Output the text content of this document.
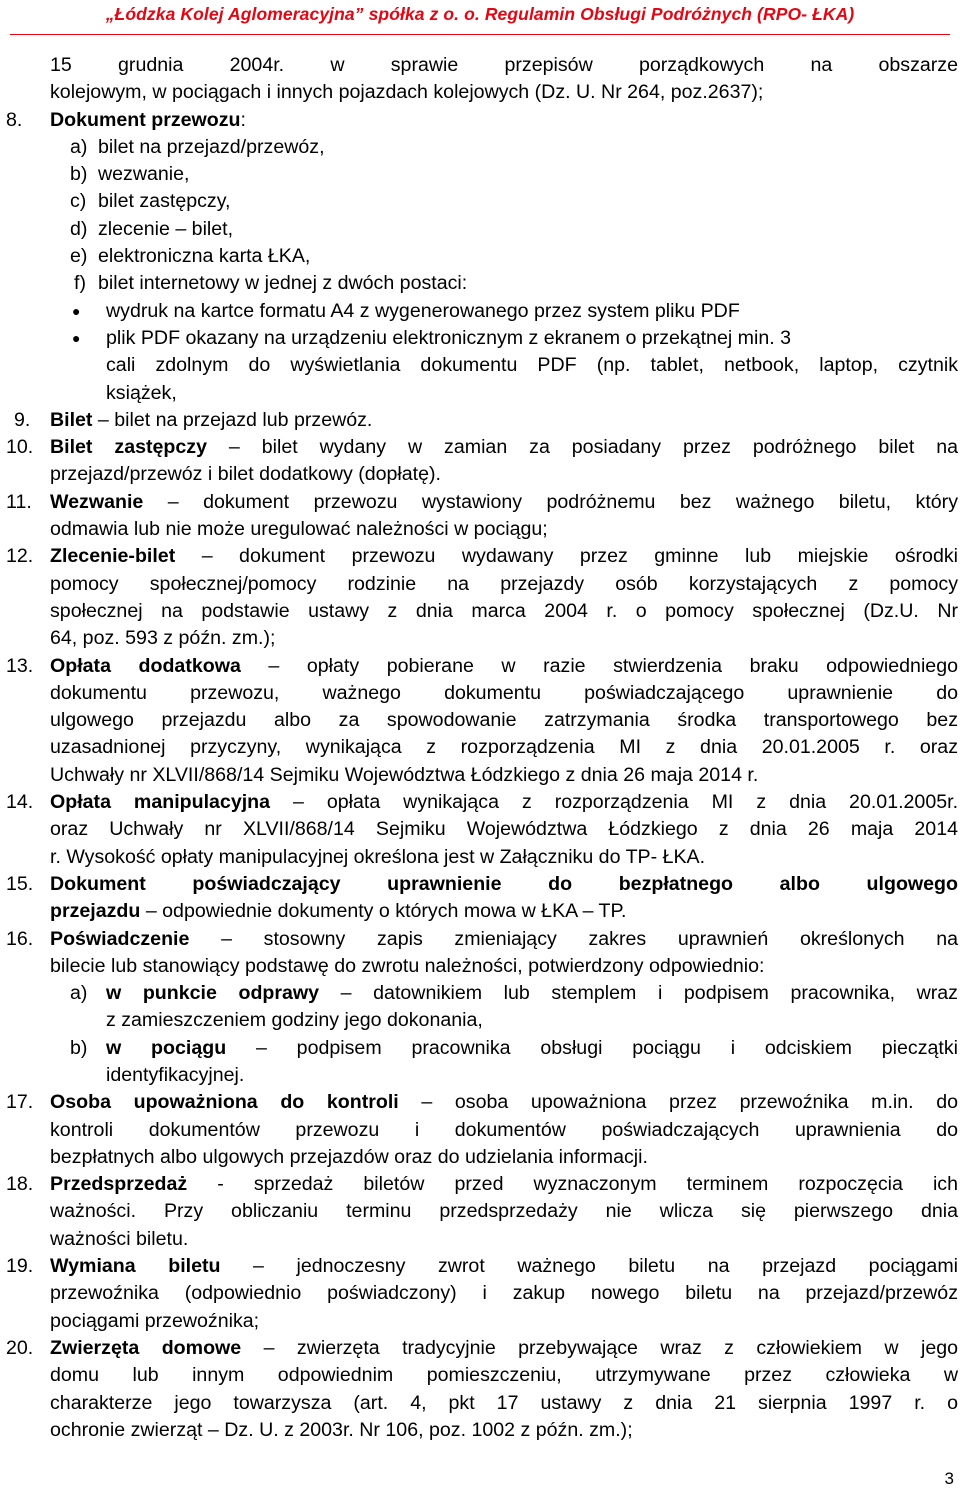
„Łódzka Kolej Aglomeracyjna” spółka z o. o. Regulamin Obsługi Podróżnych (RPO- ŁKA)
15 grudnia 2004r. w sprawie przepisów porządkowych na obszarze
kolejowym, w pociągach i innych pojazdach kolejowych (Dz. U. Nr 264, poz.2637);
8. Dokument przewozu:
a) bilet na przejazd/przewóz,
b) wezwanie,
c) bilet zastępczy,
d) zlecenie – bilet,
e) elektroniczna karta ŁKA,
f) bilet internetowy w jednej z dwóch postaci:
● wydruk na kartce formatu A4 z wygenerowanego przez system pliku PDF
● plik PDF okazany na urządzeniu elektronicznym z ekranem o przekątnej min. 3
cali zdolnym do wyświetlania dokumentu PDF (np. tablet, netbook, laptop, czytnik
książek,
9. Bilet – bilet na przejazd lub przewóz.
10. Bilet zastępczy – bilet wydany w zamian za posiadany przez podróżnego bilet na
przejazd/przewóz i bilet dodatkowy (dopłatę).
11. Wezwanie – dokument przewozu wystawiony podróżnemu bez ważnego biletu, który
odmawia lub nie może uregulować należności w pociągu;
12. Zlecenie-bilet – dokument przewozu wydawany przez gminne lub miejskie ośrodki
pomocy społecznej/pomocy rodzinie na przejazdy osób korzystających z pomocy
społecznej na podstawie ustawy z dnia marca 2004 r. o pomocy społecznej (Dz.U. Nr
64, poz. 593 z późn. zm.);
13. Opłata dodatkowa – opłaty pobierane w razie stwierdzenia braku odpowiedniego
dokumentu przewozu, ważnego dokumentu poświadczającego uprawnienie do
ulgowego przejazdu albo za spowodowanie zatrzymania środka transportowego bez
uzasadnionej przyczyny, wynikająca z rozporządzenia MI z dnia 20.01.2005 r. oraz
Uchwały nr XLVII/868/14 Sejmiku Województwa Łódzkiego z dnia 26 maja 2014 r.
14. Opłata manipulacyjna – opłata wynikająca z rozporządzenia MI z dnia 20.01.2005r.
oraz Uchwały nr XLVII/868/14 Sejmiku Województwa Łódzkiego z dnia 26 maja 2014
r. Wysokość opłaty manipulacyjnej określona jest w Załączniku do TP- ŁKA.
15. Dokument poświadczający uprawnienie do bezpłatnego albo ulgowego
przejazdu – odpowiednie dokumenty o których mowa w ŁKA – TP.
16. Poświadczenie – stosowny zapis zmieniający zakres uprawnień określonych na
bilecie lub stanowiący podstawę do zwrotu należności, potwierdzony odpowiednio:
a) w punkcie odprawy – datownikiem lub stemplem i podpisem pracownika, wraz
z zamieszczeniem godziny jego dokonania,
b) w pociągu – podpisem pracownika obsługi pociągu i odciskiem pieczątki
identyfikacyjnej.
17. Osoba upoważniona do kontroli – osoba upoważniona przez przewoźnika m.in. do
kontroli dokumentów przewozu i dokumentów poświadczających uprawnienia do
bezpłatnych albo ulgowych przejazdów oraz do udzielania informacji.
18. Przedsprzedaż - sprzedaż biletów przed wyznaczonym terminem rozpoczęcia ich
ważności. Przy obliczaniu terminu przedsprzedaży nie wlicza się pierwszego dnia
ważności biletu.
19. Wymiana biletu – jednoczesny zwrot ważnego biletu na przejazd pociągami
przewoźnika (odpowiednio poświadczony) i zakup nowego biletu na przejazd/przewóz
pociągami przewoźnika;
20. Zwierzęta domowe – zwierzęta tradycyjnie przebywające wraz z człowiekiem w jego
domu lub innym odpowiednim pomieszczeniu, utrzymywane przez człowieka w
charakterze jego towarzysza (art. 4, pkt 17 ustawy z dnia 21 sierpnia 1997 r. o
ochronie zwierząt – Dz. U. z 2003r. Nr 106, poz. 1002 z późn. zm.);
3
